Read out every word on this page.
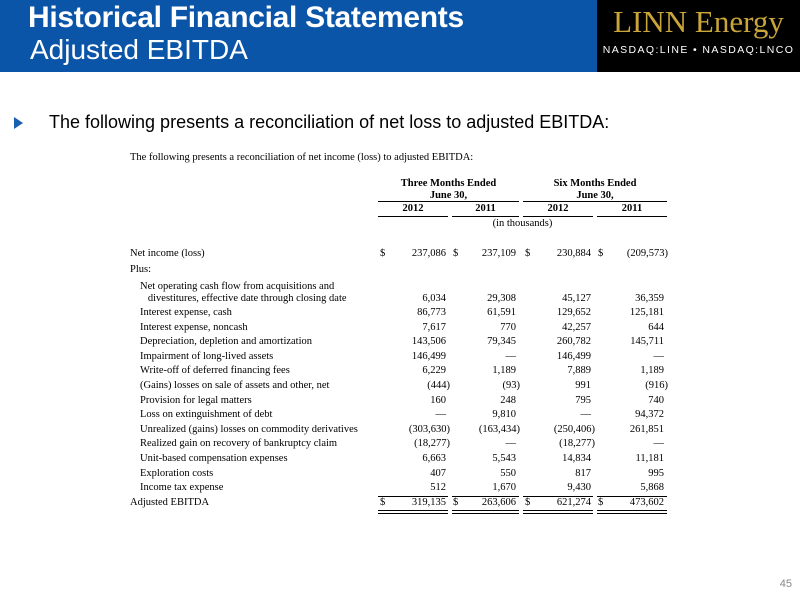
Historical Financial Statements
Adjusted EBITDA
LINN Energy
NASDAQ:LINE • NASDAQ:LNCO
The following presents a reconciliation of net loss to adjusted EBITDA:
The following presents a reconciliation of net income (loss) to adjusted EBITDA:
Three Months Ended
June 30,
Six Months Ended
June 30,
2012	2011	2012	2011
(in thousands)
Net income (loss)	$	237,086 $	237,109 $	230,884 $	(209,573)
Plus:
Net operating cash flow from acquisitions and
divestitures, effective date through closing date	6,034	29,308	45,127	36,359
Interest expense, cash	86,773	61,591	129,652	125,181
Interest expense, noncash	7,617	770	42,257	644
Depreciation, depletion and amortization	143,506	79,345	260,782	145,711
Impairment of long-lived assets	146,499	—	146,499	—
Write-off of deferred financing fees	6,229	1,189	7,889	1,189
(Gains) losses on sale of assets and other, net	(444)	(93)	991	(916)
Provision for legal matters	160	248	795	740
Loss on extinguishment of debt	—	9,810	—	94,372
Unrealized (gains) losses on commodity derivatives	(303,630)	(163,434)	(250,406)	261,851
Realized gain on recovery of bankruptcy claim	(18,277)	—	(18,277)	—
Unit-based compensation expenses	6,663	5,543	14,834	11,181
Exploration costs	407	550	817	995
Income tax expense	512	1,670	9,430	5,868
Adjusted EBITDA	$	319,135 $	263,606 $	621,274 $	473,602
45
